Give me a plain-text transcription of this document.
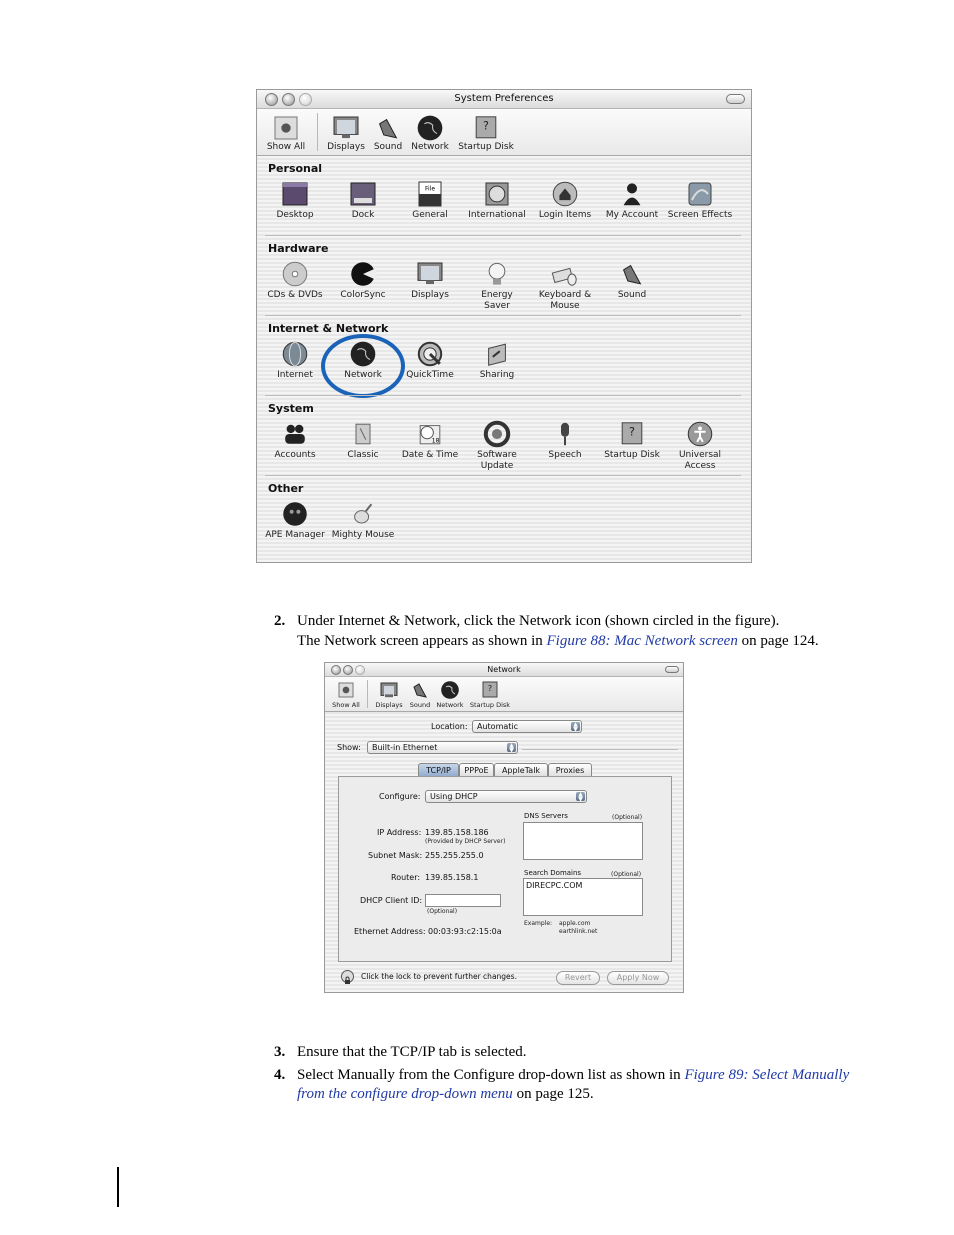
System Preferences
Show All Displays Sound Network
?
Startup Disk
Personal
Desktop	Dock
File
General International Login Items My Account Screen Effects
Hardware
CDs & DVDs ColorSync	Displays	Energy
Saver
Keyboard &
Mouse
Sound
Internet & Network
Internet	Network	QuickTime	Sharing
System
Accounts	Classic
18
Date & Time Software
Update
Speech
?
Startup Disk Universal
Access
Other
APE Manager Mighty Mouse
2. Under Internet & Network, click the Network icon (shown circled in the figure).
The Network screen appears as shown in Figure 88: Mac Network screen on page 124.
Network
Location:	Automatic	▲
▼
Show:	Built-in Ethernet	▲
▼
TCP/IP	PPPoE	AppleTalk	Proxies
Configure:	Using DHCP	▲
▼
DNS Servers	(Optional)
IP Address: 139.85.158.186
(Provided by DHCP Server)
Subnet Mask: 255.255.255.0
Search Domains	(Optional)
DIRECPC.COM
Router: 139.85.158.1
DHCP Client ID:
(Optional)
Example: apple.com
earthlink.net
Ethernet Address: 00:03:93:c2:15:0a
Click the lock to prevent further changes.	Revert	Apply Now
Show All Displays Sound Network
?
Startup Disk
3. Ensure that the TCP/IP tab is selected.
4. Select Manually from the Configure drop-down list as shown in Figure 89: Select Manually
from the configure drop-down menu on page 125.
